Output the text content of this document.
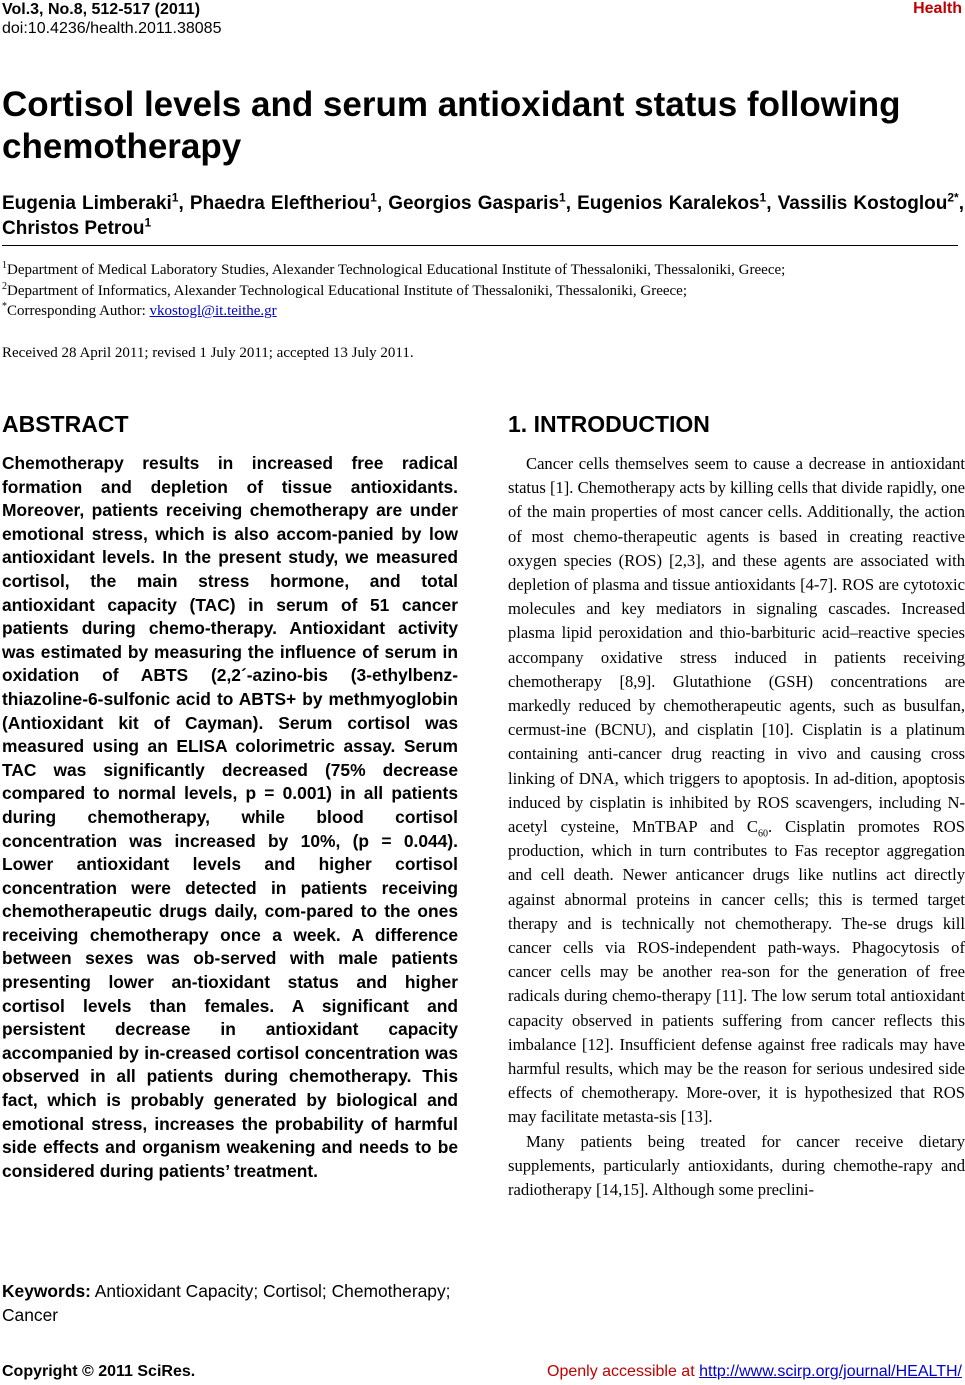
Vol.3, No.8, 512-517 (2011)
doi:10.4236/health.2011.38085
Health
Cortisol levels and serum antioxidant status following chemotherapy
Eugenia Limberaki$^1$, Phaedra Eleftheriou$^1$, Georgios Gasparis$^1$, Eugenios Karalekos$^1$, Vassilis Kostoglou$^{2*}$, Christos Petrou$^1$
$^1$Department of Medical Laboratory Studies, Alexander Technological Educational Institute of Thessaloniki, Thessaloniki, Greece;
$^2$Department of Informatics, Alexander Technological Educational Institute of Thessaloniki, Thessaloniki, Greece;
*Corresponding Author: vkostogl@it.teithe.gr
Received 28 April 2011; revised 1 July 2011; accepted 13 July 2011.
ABSTRACT	1. INTRODUCTION
Chemotherapy results in increased free radical formation and depletion of tissue antioxidants. Moreover, patients receiving chemotherapy are under emotional stress, which is also accom-panied by low antioxidant levels. In the present study, we measured cortisol, the main stress hormone, and total antioxidant capacity (TAC) in serum of 51 cancer patients during chemo-therapy. Antioxidant activity was estimated by measuring the influence of serum in oxidation of ABTS (2,2´-azino-bis (3-ethylbenz-thiazoline-6-sulfonic acid to ABTS+ by methmyoglobin (Antioxidant kit of Cayman). Serum cortisol was measured using an ELISA colorimetric assay. Serum TAC was significantly decreased (75% decrease compared to normal levels, p = 0.001) in all patients during chemotherapy, while blood cortisol concentration was increased by 10%, (p = 0.044). Lower antioxidant levels and higher cortisol concentration were detected in patients receiving chemotherapeutic drugs daily, com-pared to the ones receiving chemotherapy once a week. A difference between sexes was ob-served with male patients presenting lower an-tioxidant status and higher cortisol levels than females. A significant and persistent decrease in antioxidant capacity accompanied by in-creased cortisol concentration was observed in all patients during chemotherapy. This fact, which is probably generated by biological and emotional stress, increases the probability of harmful side effects and organism weakening and needs to be considered during patients’ treatment.
Keywords: Antioxidant Capacity; Cortisol; Chemotherapy; Cancer

Cancer cells themselves seem to cause a decrease in antioxidant status [1]. Chemotherapy acts by killing cells that divide rapidly, one of the main properties of most cancer cells. Additionally, the action of most chemo-therapeutic agents is based in creating reactive oxygen species (ROS) [2,3], and these agents are associated with depletion of plasma and tissue antioxidants [4-7]. ROS are cytotoxic molecules and key mediators in signaling cascades. Increased plasma lipid peroxidation and thio-barbituric acid–reactive species accompany oxidative stress induced in patients receiving chemotherapy [8,9]. Glutathione (GSH) concentrations are markedly reduced by chemotherapeutic agents, such as busulfan, cermust-ine (BCNU), and cisplatin [10]. Cisplatin is a platinum containing anti-cancer drug reacting in vivo and causing cross linking of DNA, which triggers to apoptosis. In ad-dition, apoptosis induced by cisplatin is inhibited by ROS scavengers, including N-acetyl cysteine, MnTBAP and $C_{60}$. Cisplatin promotes ROS production, which in turn contributes to Fas receptor aggregation and cell death. Newer anticancer drugs like nutlins act directly against abnormal proteins in cancer cells; this is termed target therapy and is technically not chemotherapy. The-se drugs kill cancer cells via ROS-independent path-ways. Phagocytosis of cancer cells may be another rea-son for the generation of free radicals during chemo-therapy [11]. The low serum total antioxidant capacity observed in patients suffering from cancer reflects this imbalance [12]. Insufficient defense against free radicals may have harmful results, which may be the reason for serious undesired side effects of chemotherapy. More-over, it is hypothesized that ROS may facilitate metasta-sis [13].

Many patients being treated for cancer receive dietary supplements, particularly antioxidants, during chemothe-rapy and radiotherapy [14,15]. Although some preclini-

Copyright © 2011 SciRes.	Openly accessible at http://www.scirp.org/journal/HEALTH/
